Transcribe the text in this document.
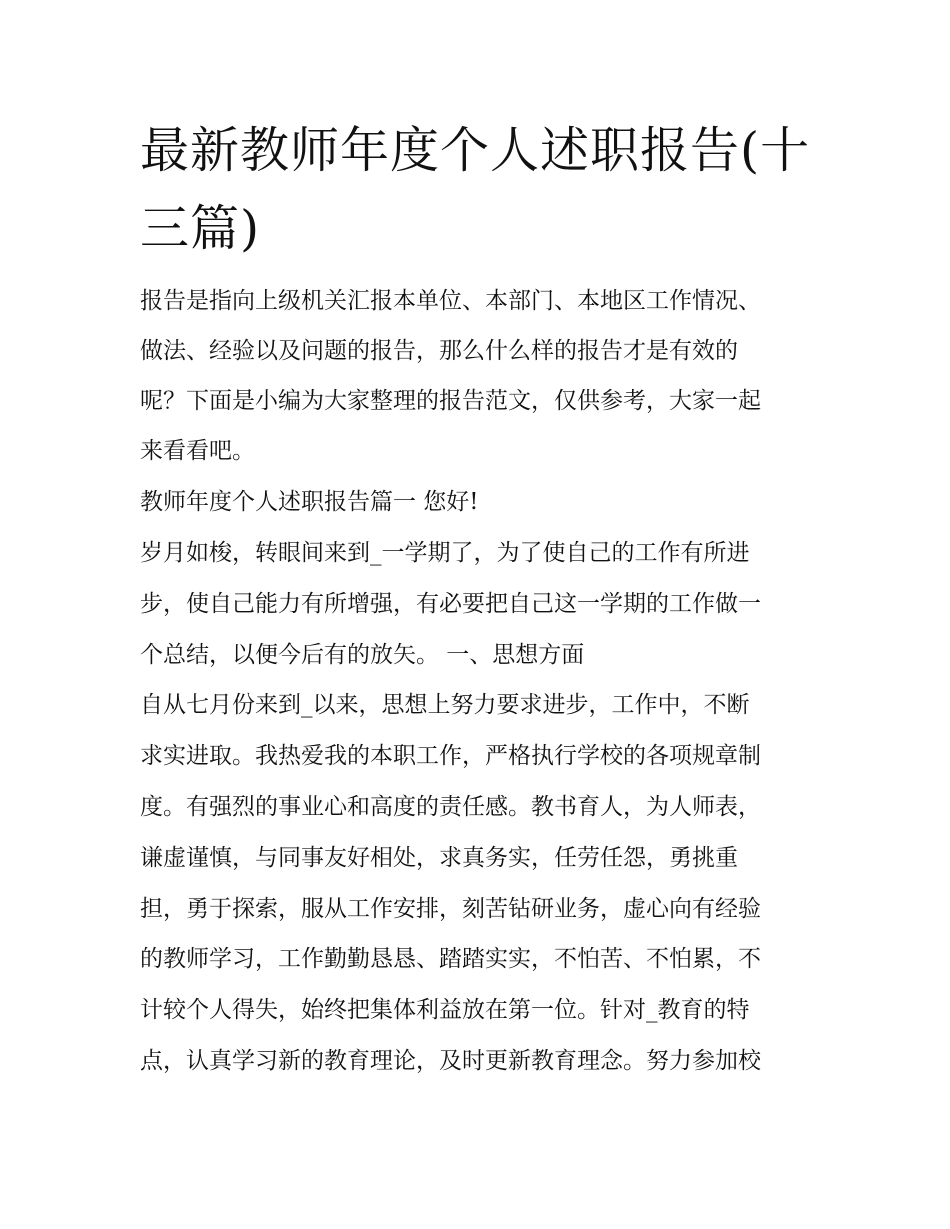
最新教师年度个人述职报告(十三篇)

报告是指向上级机关汇报本单位、本部门、本地区工作情况、

做法、经验以及问题的报告，那么什么样的报告才是有效的

呢？下面是小编为大家整理的报告范文，仅供参考，大家一起

来看看吧。

教师年度个人述职报告篇一 您好!

岁月如梭，转眼间来到_一学期了，为了使自己的工作有所进

步，使自己能力有所增强，有必要把自己这一学期的工作做一

个总结，以便今后有的放矢。 一、思想方面

自从七月份来到_以来，思想上努力要求进步，工作中，不断

求实进取。我热爱我的本职工作，严格执行学校的各项规章制

度。有强烈的事业心和高度的责任感。教书育人，为人师表，

谦虚谨慎，与同事友好相处，求真务实，任劳任怨，勇挑重

担，勇于探索，服从工作安排，刻苦钻研业务，虚心向有经验

的教师学习，工作勤勤恳恳、踏踏实实，不怕苦、不怕累，不

计较个人得失，始终把集体利益放在第一位。针对_教育的特

点，认真学习新的教育理论，及时更新教育理念。努力参加校
